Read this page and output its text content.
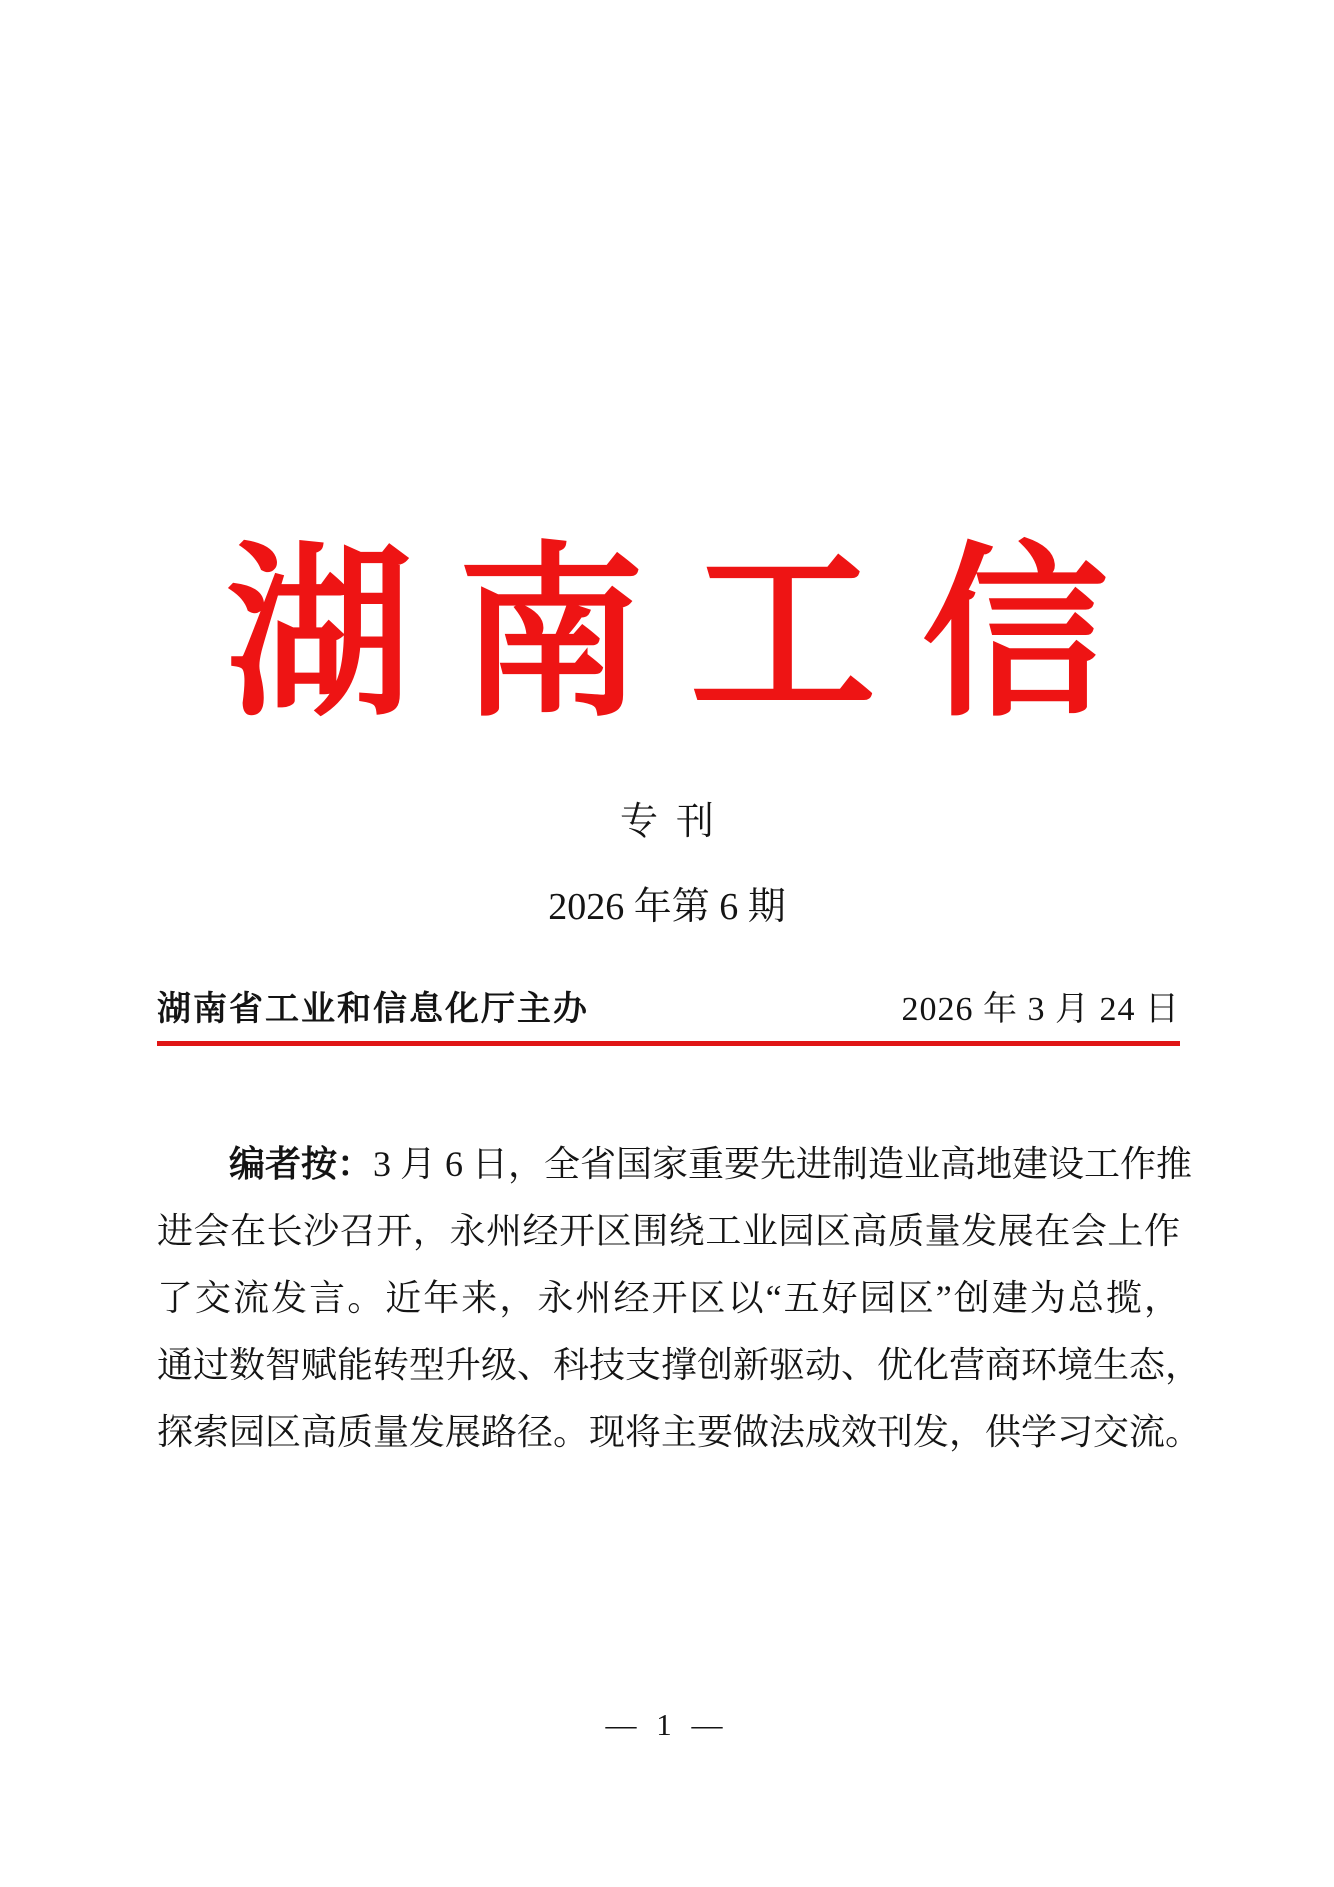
湖南工信
专刊
2026 年第 6 期
湖南省工业和信息化厅主办	2026 年 3 月 24 日
编者按：3 月 6 日，全省国家重要先进制造业高地建设工作推
进会在长沙召开，永州经开区围绕工业园区高质量发展在会上作
了交流发言。近年来，永州经开区以“五好园区”创建为总揽，
通过数智赋能转型升级、科技支撑创新驱动、优化营商环境生态，
探索园区高质量发展路径。现将主要做法成效刊发，供学习交流。
— 1 —
